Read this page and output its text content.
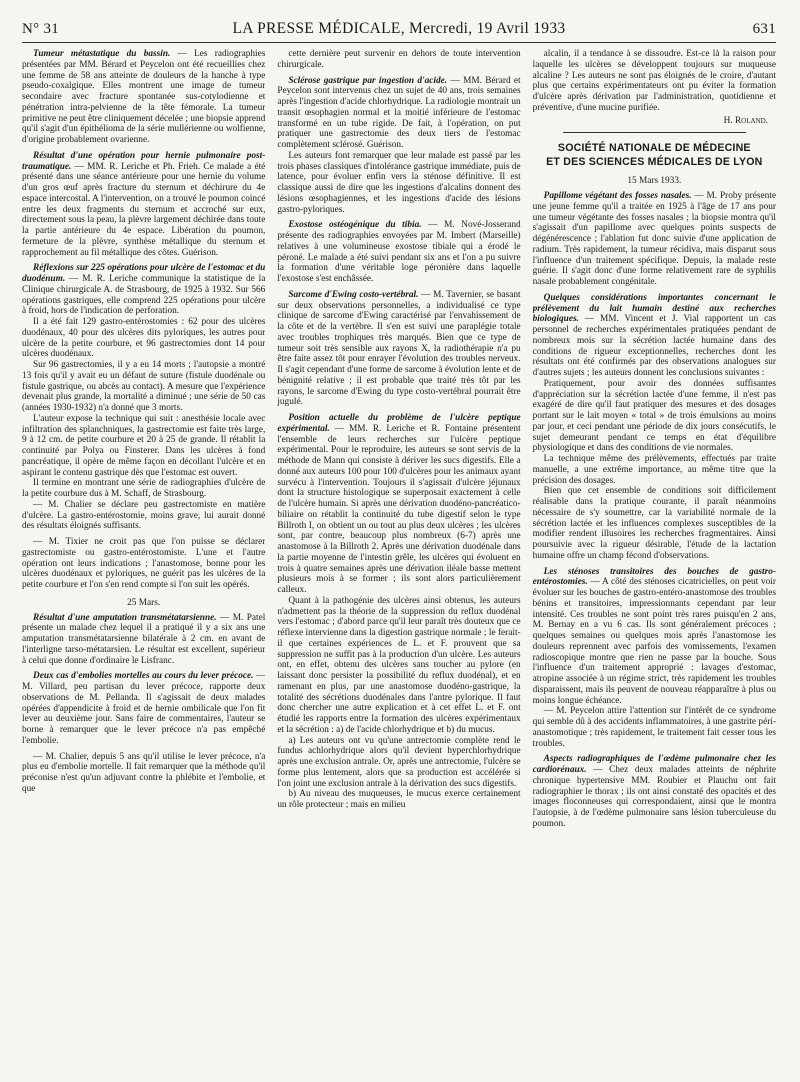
N° 31	LA PRESSE MÉDICALE, Mercredi, 19 Avril 1933	631

Tumeur métastatique du bassin. — Les radiographies présentées par MM. Bérard et Peycelon ont été recueillies chez une femme de 58 ans atteinte de douleurs de la hanche à type pseudo-coxalgique. Elles montrent une image de tumeur secondaire avec fracture spontanée sus-cotylodienne et pénétration intra-pelvienne de la tête fémorale. La tumeur primitive ne peut être cliniquement décelée ; une biopsie apprend qu'il s'agit d'un épithélioma de la série mullérienne ou wolfienne, d'origine probablement ovarienne.

Résultat d'une opération pour hernie pulmonaire post-traumatique. — MM. R. Leriche et Ph. Frieh. Ce malade a été présenté dans une séance antérieure pour une hernie du volume d'un gros œuf après fracture du sternum et déchirure du 4e espace intercostal. A l'intervention, on a trouvé le poumon coincé entre les deux fragments du sternum et accroché sur eux, directement sous la peau, la plèvre largement déchirée dans toute la partie antérieure du 4e espace. Libération du poumon, fermeture de la plèvre, synthèse métallique du sternum et rapprochement au fil métallique des côtes. Guérison.

Réflexions sur 225 opérations pour ulcère de l'estomac et du duodénum. — M. R. Leriche communique la statistique de la Clinique chirurgicale A. de Strasbourg, de 1925 à 1932. Sur 566 opérations gastriques, elle comprend 225 opérations pour ulcère à froid, hors de l'indication de perforation.

Il a été fait 129 gastro-entérostomies : 62 pour des ulcères duodénaux, 40 pour des ulcères dits pyloriques, les autres pour ulcère de la petite courbure, et 96 gastrectomies dont 14 pour ulcères duodénaux.

Sur 96 gastrectomies, il y a eu 14 morts ; l'autopsie a montré 13 fois qu'il y avait eu un défaut de suture (fistule duodénale ou fistule gastrique, ou abcès au contact). A mesure que l'expérience devenait plus grande, la mortalité a diminué ; une série de 50 cas (années 1930-1932) n'a donné que 3 morts.

L'auteur expose la technique qui suit : anesthésie locale avec infiltration des splanchniques, la gastrectomie est faite très large, 9 à 12 cm. de petite courbure et 20 à 25 de grande. Il rétablit la continuité par Polya ou Finsterer. Dans les ulcères à fond pancréatique, il opère de même façon en décollant l'ulcère et en aspirant le contenu gastrique dès que l'estomac est ouvert.

Il termine en montrant une série de radiographies d'ulcère de la petite courbure dus à M. Schaff, de Strasbourg.

— M. Chalier se déclare peu gastrectomiste en matière d'ulcère. La gastro-entérostomie, moins grave, lui aurait donné des résultats éloignés suffisants.

— M. Tixier ne croit pas que l'on puisse se déclarer gastrectomiste ou gastro-entérostomiste. L'une et l'autre opération ont leurs indications ; l'anastomose, bonne pour les ulcères duodénaux et pyloriques, ne guérit pas les ulcères de la petite courbure et l'on s'en rend compte si l'on suit les opérés.

25 Mars.

Résultat d'une amputation transmétatarsienne. — M. Patel présente un malade chez lequel il a pratiqué il y a six ans une amputation transmétatarsienne bilatérale à 2 cm. en avant de l'interligne tarso-métatarsien. Le résultat est excellent, supérieur à celui que donne d'ordinaire le Lisfranc.

Deux cas d'embolies mortelles au cours du lever précoce. — M. Villard, peu partisan du lever précoce, rapporte deux observations de M. Pellanda. Il s'agissait de deux malades opérées d'appendicite à froid et de hernie ombilicale que l'on fit lever au deuxième jour. Sans faire de commentaires, l'auteur se borne à remarquer que le lever précoce n'a pas empêché l'embolie.

— M. Chalier, depuis 5 ans qu'il utilise le lever précoce, n'a plus eu d'embolie mortelle. Il fait remarquer que la méthode qu'il préconise n'est qu'un adjuvant contre la phlébite et l'embolie, et que

cette dernière peut survenir en dehors de toute intervention chirurgicale.

Sclérose gastrique par ingestion d'acide. — MM. Bérard et Peycelon sont intervenus chez un sujet de 40 ans, trois semaines après l'ingestion d'acide chlorhydrique. La radiologie montrait un transit œsophagien normal et la moitié inférieure de l'estomac transformé en un tube rigide. De fait, à l'opération, on put pratiquer une gastrectomie des deux tiers de l'estomac complètement sclérosé. Guérison.

Les auteurs font remarquer que leur malade est passé par les trois phases classiques d'intolérance gastrique immédiate, puis de latence, pour évoluer enfin vers la sténose définitive. Il est classique aussi de dire que les ingestions d'alcalins donnent des lésions œsophagiennes, et les ingestions d'acide des lésions gastro-pyloriques.

Exostose ostéogénique du tibia. — M. Nové-Josserand présente des radiographies envoyées par M. Imbert (Marseille) relatives à une volumineuse exostose tibiale qui a érodé le péroné. Le malade a été suivi pendant six ans et l'on a pu suivre la formation d'une véritable loge péronière dans laquelle l'exostose s'est enchâssée.

Sarcome d'Ewing costo-vertébral. — M. Tavernier, se basant sur deux observations personnelles, a individualisé ce type clinique de sarcome d'Ewing caractérisé par l'envahissement de la côte et de la vertèbre. Il s'en est suivi une paraplégie totale avec troubles trophiques très marqués. Bien que ce type de tumeur soit très sensible aux rayons X, la radiothérapie n'a pu être faite assez tôt pour enrayer l'évolution des troubles nerveux. Il s'agit cependant d'une forme de sarcome à évolution lente et de bénignité relative ; il est probable que traité très tôt par les rayons, le sarcome d'Ewing du type costo-vertébral pourrait être jugulé.

Position actuelle du problème de l'ulcère peptique expérimental. — MM. R. Leriche et R. Fontaine présentent l'ensemble de leurs recherches sur l'ulcère peptique expérimental. Pour le reproduire, les auteurs se sont servis de la méthode de Mann qui consiste à dériver les sucs digestifs. Elle a donné aux auteurs 100 pour 100 d'ulcères pour les animaux ayant survécu à l'intervention. Toujours il s'agissait d'ulcère jéjunaux dont la structure histologique se superposait exactement à celle de l'ulcère humain. Si après une dérivation duodéno-pancréatico-biliaire on rétablit la continuité du tube digestif selon le type Billroth I, on obtient un ou tout au plus deux ulcères ; les ulcères sont, par contre, beaucoup plus nombreux (6-7) après une anastomose à la Billroth 2. Après une dérivation duodénale dans la partie moyenne de l'intestin grêle, les ulcères qui évoluent en trois à quatre semaines après une dérivation iléale basse mettent plusieurs mois à se former ; ils sont alors particulièrement calleux.

Quant à la pathogénie des ulcères ainsi obtenus, les auteurs n'admettent pas la théorie de la suppression du reflux duodénal vers l'estomac ; d'abord parce qu'il leur paraît très douteux que ce réflexe intervienne dans la digestion gastrique normale ; le ferait-il que certaines expériences de L. et F. prouvent que sa suppression ne suffit pas à la production d'un ulcère. Les auteurs ont, en effet, obtenu des ulcères sans toucher au pylore (en laissant donc persister la possibilité du reflux duodénal), et en ramenant en plus, par une anastomose duodéno-gastrique, la totalité des sécrétions duodénales dans l'antre pylorique. Il faut donc chercher une autre explication et à cet effet L. et F. ont étudié les rapports entre la formation des ulcères expérimentaux et la sécrétion : a) de l'acide chlorhydrique et b) du mucus.

a) Les auteurs ont vu qu'une antrectomie complète rend le fundus achlorhydrique alors qu'il devient hyperchlorhydrique après une exclusion antrale. Or, après une antrectomie, l'ulcère se forme plus lentement, alors que sa production est accélérée si l'on joint une exclusion antrale à la dérivation des sucs digestifs.

b) Au niveau des muqueuses, le mucus exerce certainement un rôle protecteur ; mais en milieu

alcalin, il a tendance à se dissoudre. Est-ce là la raison pour laquelle les ulcères se développent toujours sur muqueuse alcaline ? Les auteurs ne sont pas éloignés de le croire, d'autant plus que certains expérimentateurs ont pu éviter la formation d'ulcère après dérivation par l'administration, quotidienne et préventive, d'une mucine purifiée.

H. Roland.

SOCIÉTÉ NATIONALE DE MÉDECINE
ET DES SCIENCES MÉDICALES DE LYON

15 Mars 1933.

Papillome végétant des fosses nasales. — M. Proby présente une jeune femme qu'il a traitée en 1925 à l'âge de 17 ans pour une tumeur végétante des fosses nasales ; la biopsie montra qu'il s'agissait d'un papillome avec quelques points suspects de dégénérescence ; l'ablation fut donc suivie d'une application de radium. Très rapidement, la tumeur récidiva, mais disparut sous l'influence d'un traitement spécifique. Depuis, la malade reste guérie. Il s'agit donc d'une forme relativement rare de syphilis nasale probablement congénitale.

Quelques considérations importantes concernant le prélèvement du lait humain destiné aux recherches biologiques. — MM. Vincent et J. Vial rapportent un cas personnel de recherches expérimentales pratiquées pendant de nombreux mois sur la sécrétion lactée humaine dans des conditions de rigueur exceptionnelles, recherches dont les résultats ont été confirmés par des observations analogues sur d'autres sujets ; les auteurs donnent les conclusions suivantes :

Pratiquement, pour avoir des données suffisantes d'appréciation sur la sécrétion lactée d'une femme, il n'est pas exagéré de dire qu'il faut pratiquer des mesures et des dosages portant sur le lait moyen « total » de trois émulsions au moins par jour, et ceci pendant une période de dix jours consécutifs, le sujet demeurant pendant ce temps en état d'équilibre physiologique et dans des conditions de vie normales.

La technique même des prélèvements, effectués par traite manuelle, a une extrême importance, au même titre que la précision des dosages.

Bien que cet ensemble de conditions soit difficilement réalisable dans la pratique courante, il paraît néanmoins nécessaire de s'y soumettre, car la variabilité normale de la sécrétion lactée et les influences complexes susceptibles de la modifier rendent illusoires les recherches fragmentaires. Ainsi poursuivie avec la rigueur désirable, l'étude de la lactation humaine offre un champ fécond d'observations.

Les sténoses transitoires des bouches de gastro-entérostomies. — A côté des sténoses cicatricielles, on peut voir évoluer sur les bouches de gastro-entéro-anastomose des troubles bénins et transitoires, impressionnants cependant par leur intensité. Ces troubles ne sont point très rares puisqu'en 2 ans, M. Bernay en a vu 6 cas. Ils sont généralement précoces ; quelques semaines ou quelques mois après l'anastomose les douleurs reprennent avec parfois des vomissements, l'examen radioscopique montre que rien ne passe par la bouche. Sous l'influence d'un traitement approprié : lavages d'estomac, atropine associée à un régime strict, très rapidement les troubles disparaissent, mais ils peuvent de nouveau réapparaître à plus ou moins longue échéance.

— M. Peycelon attire l'attention sur l'intérêt de ce syndrome qui semble dû à des accidents inflammatoires, à une gastrite péri-anastomotique ; très rapidement, le traitement fait cesser tous les troubles.

Aspects radiographiques de l'œdème pulmonaire chez les cardiorénaux. — Chez deux malades atteints de néphrite chronique hypertensive MM. Roubier et Plauchu ont fait radiographier le thorax ; ils ont ainsi constaté des opacités et des images floconneuses qui correspondaient, ainsi que le montra l'autopsie, à de l'œdème pulmonaire sans lésion tuberculeuse du poumon.
